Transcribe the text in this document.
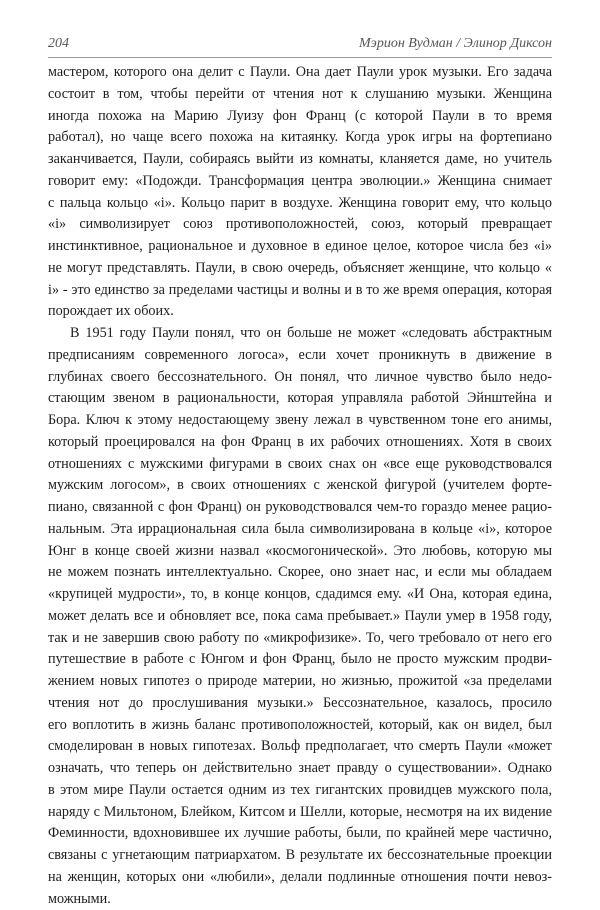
204	Мэрион Вудман / Элинор Диксон
мастером, которого она делит с Паули. Она дает Паули урок музыки. Его задача
состоит в том, чтобы перейти от чтения нот к слушанию музыки. Женщина
иногда похожа на Марию Луизу фон Франц (с которой Паули в то время
работал), но чаще всего похожа на китаянку. Когда урок игры на фортепиано
заканчивается, Паули, собираясь выйти из комнаты, кланяется даме, но учитель
говорит ему: «Подожди. Трансформация центра эволюции.» Женщина снимает
с пальца кольцо «i». Кольцо парит в воздухе. Женщина говорит ему, что кольцо
«i» символизирует союз противоположностей, союз, который превращает
инстинктивное, рациональное и духовное в единое целое, которое числа без «i»
не могут представлять. Паули, в свою очередь, объясняет женщине, что кольцо «
i» - это единство за пределами частицы и волны и в то же время операция, которая
порождает их обоих.
В 1951 году Паули понял, что он больше не может «следовать абстрактным
предписаниям современного логоса», если хочет проникнуть в движение в
глубинах своего бессознательного. Он понял, что личное чувство было недо-
стающим звеном в рациональности, которая управляла работой Эйнштейна и
Бора. Ключ к этому недостающему звену лежал в чувственном тоне его анимы,
который проецировался на фон Франц в их рабочих отношениях. Хотя в своих
отношениях с мужскими фигурами в своих снах он «все еще руководствовался
мужским логосом», в своих отношениях с женской фигурой (учителем форте-
пиано, связанной с фон Франц) он руководствовался чем-то гораздо менее рацио-
нальным. Эта иррациональная сила была символизирована в кольце «i», которое
Юнг в конце своей жизни назвал «космогоничеcкой». Это любовь, которую мы
не можем познать интеллектуально. Скорее, оно знает нас, и если мы обладаем
«крупицей мудрости», то, в конце концов, сдадимся ему. «И Она, которая едина,
может делать все и обновляет все, пока сама пребывает.» Паули умер в 1958 году,
так и не завершив свою работу по «микрофизике». То, чего требовало от него его
путешествие в работе с Юнгом и фон Франц, было не просто мужским продви-
жением новых гипотез о природе материи, но жизнью, прожитой «за пределами
чтения нот до прослушивания музыки.» Бессознательное, казалось, просило
его воплотить в жизнь баланс противоположностей, который, как он видел, был
смоделирован в новых гипотезах. Вольф предполагает, что смерть Паули «может
означать, что теперь он действительно знает правду о существовании». Однако
в этом мире Паули остается одним из тех гигантских провидцев мужского пола,
наряду с Мильтоном, Блейком, Китсом и Шелли, которые, несмотря на их видение
Феминности, вдохновившее их лучшие работы, были, по крайней мере частично,
связаны с угнетающим патриархатом. В результате их бессознательные проекции
на женщин, которых они «любили», делали подлинные отношения почти невоз-
можными.
